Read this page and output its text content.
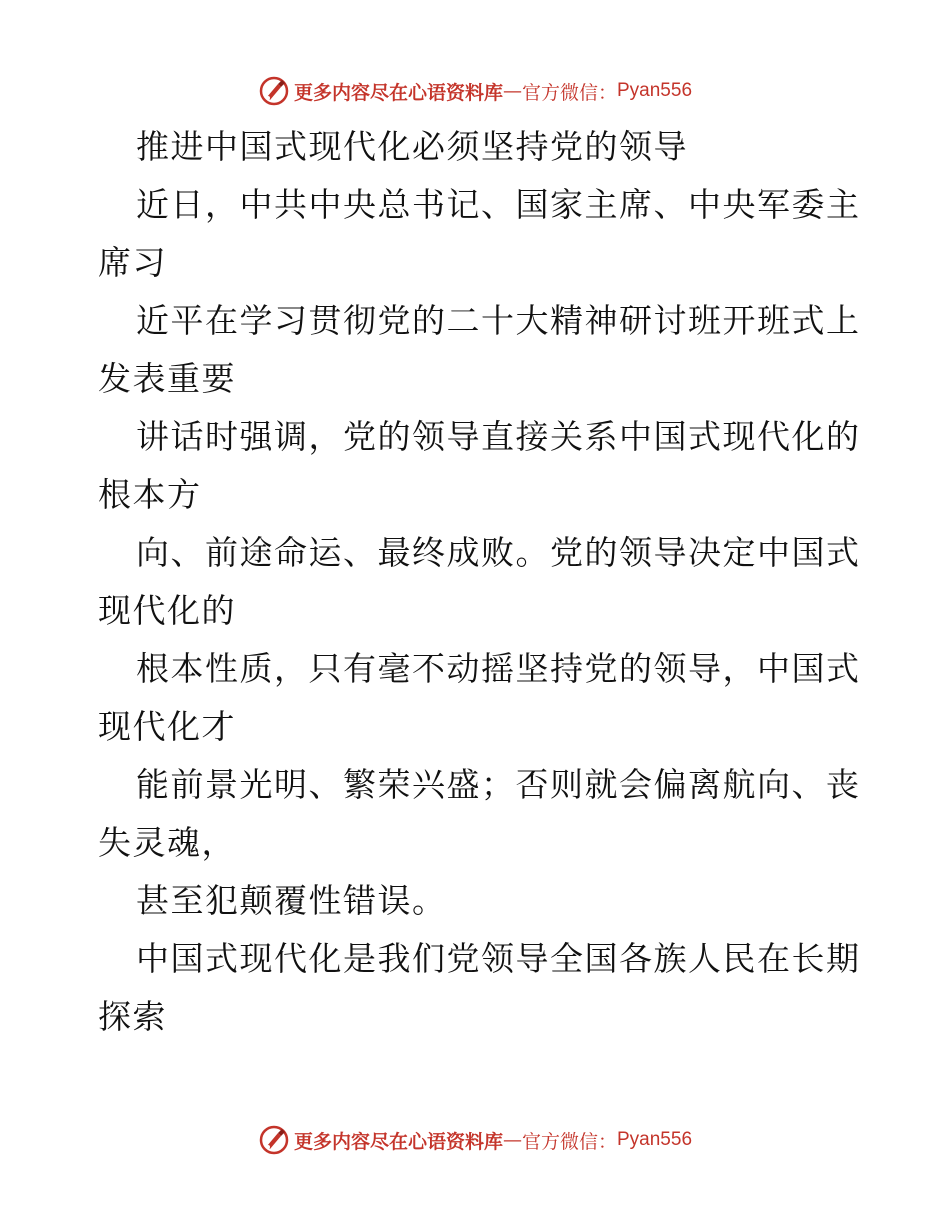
更多内容尽在心语资料库 — 官方微信： Pyan556
推进中国式现代化必须坚持党的领导
近日，中共中央总书记、国家主席、中央军委主
席习
近平在学习贯彻党的二十大精神研讨班开班式上
发表重要
讲话时强调，党的领导直接关系中国式现代化的
根本方
向、前途命运、最终成败。党的领导决定中国式
现代化的
根本性质，只有毫不动摇坚持党的领导，中国式
现代化才
能前景光明、繁荣兴盛；否则就会偏离航向、丧
失灵魂，
甚至犯颠覆性错误。
中国式现代化是我们党领导全国各族人民在长期
探索
更多内容尽在心语资料库 — 官方微信： Pyan556
